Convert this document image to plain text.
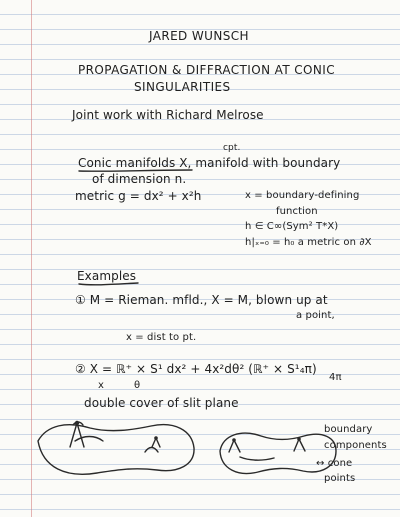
JARED WUNSCH
PROPAGATION & DIFFRACTION AT CONIC
SINGULARITIES
Joint work with Richard Melrose
cpt.
Conic manifolds X, manifold with boundary
of dimension n.
metric g = dx² + x²h	x = boundary-defining
function
h ∈ C∞(Sym² T*X)
h|ₓ₌₀ = h₀ a metric on ∂X
Examples
① M = Rieman. mfld., X = M, blown up at
a point,
x = dist to pt.
② X = ℝ⁺ × S¹ dx² + 4x²dθ² (ℝ⁺ × S¹₄π)
x	θ
4π
double cover of slit plane
boundary
components
↔ cone
points
